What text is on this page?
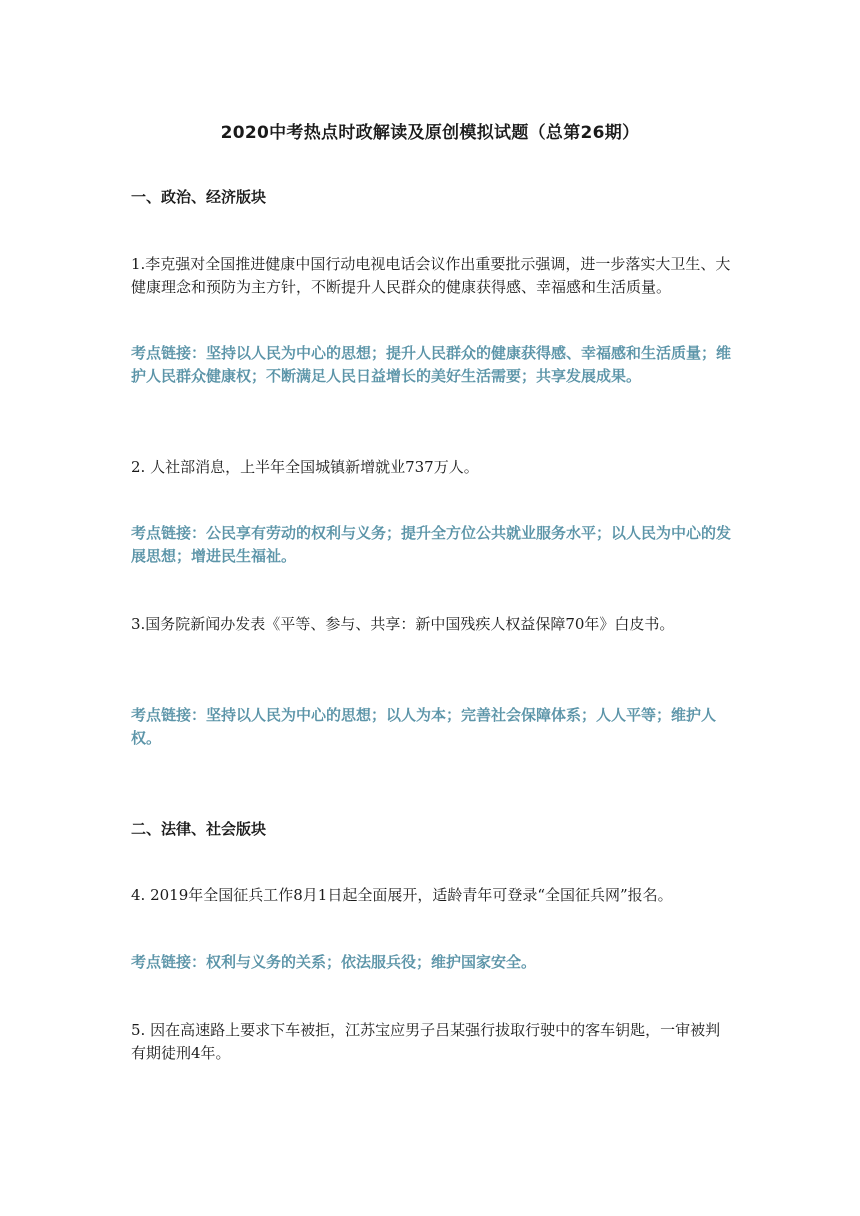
2020中考热点时政解读及原创模拟试题（总第26期）
一、政治、经济版块
1.李克强对全国推进健康中国行动电视电话会议作出重要批示强调，进一步落实大卫生、大健康理念和预防为主方针，不断提升人民群众的健康获得感、幸福感和生活质量。
考点链接：坚持以人民为中心的思想；提升人民群众的健康获得感、幸福感和生活质量；维护人民群众健康权；不断满足人民日益增长的美好生活需要；共享发展成果。
2. 人社部消息，上半年全国城镇新增就业737万人。
考点链接：公民享有劳动的权利与义务；提升全方位公共就业服务水平；以人民为中心的发展思想；增进民生福祉。
3.国务院新闻办发表《平等、参与、共享：新中国残疾人权益保障70年》白皮书。
考点链接：坚持以人民为中心的思想；以人为本；完善社会保障体系；人人平等；维护人权。
二、法律、社会版块
4. 2019年全国征兵工作8月1日起全面展开，适龄青年可登录“全国征兵网”报名。
考点链接：权利与义务的关系；依法服兵役；维护国家安全。
5. 因在高速路上要求下车被拒，江苏宝应男子吕某强行拔取行驶中的客车钥匙，一审被判有期徒刑4年。
